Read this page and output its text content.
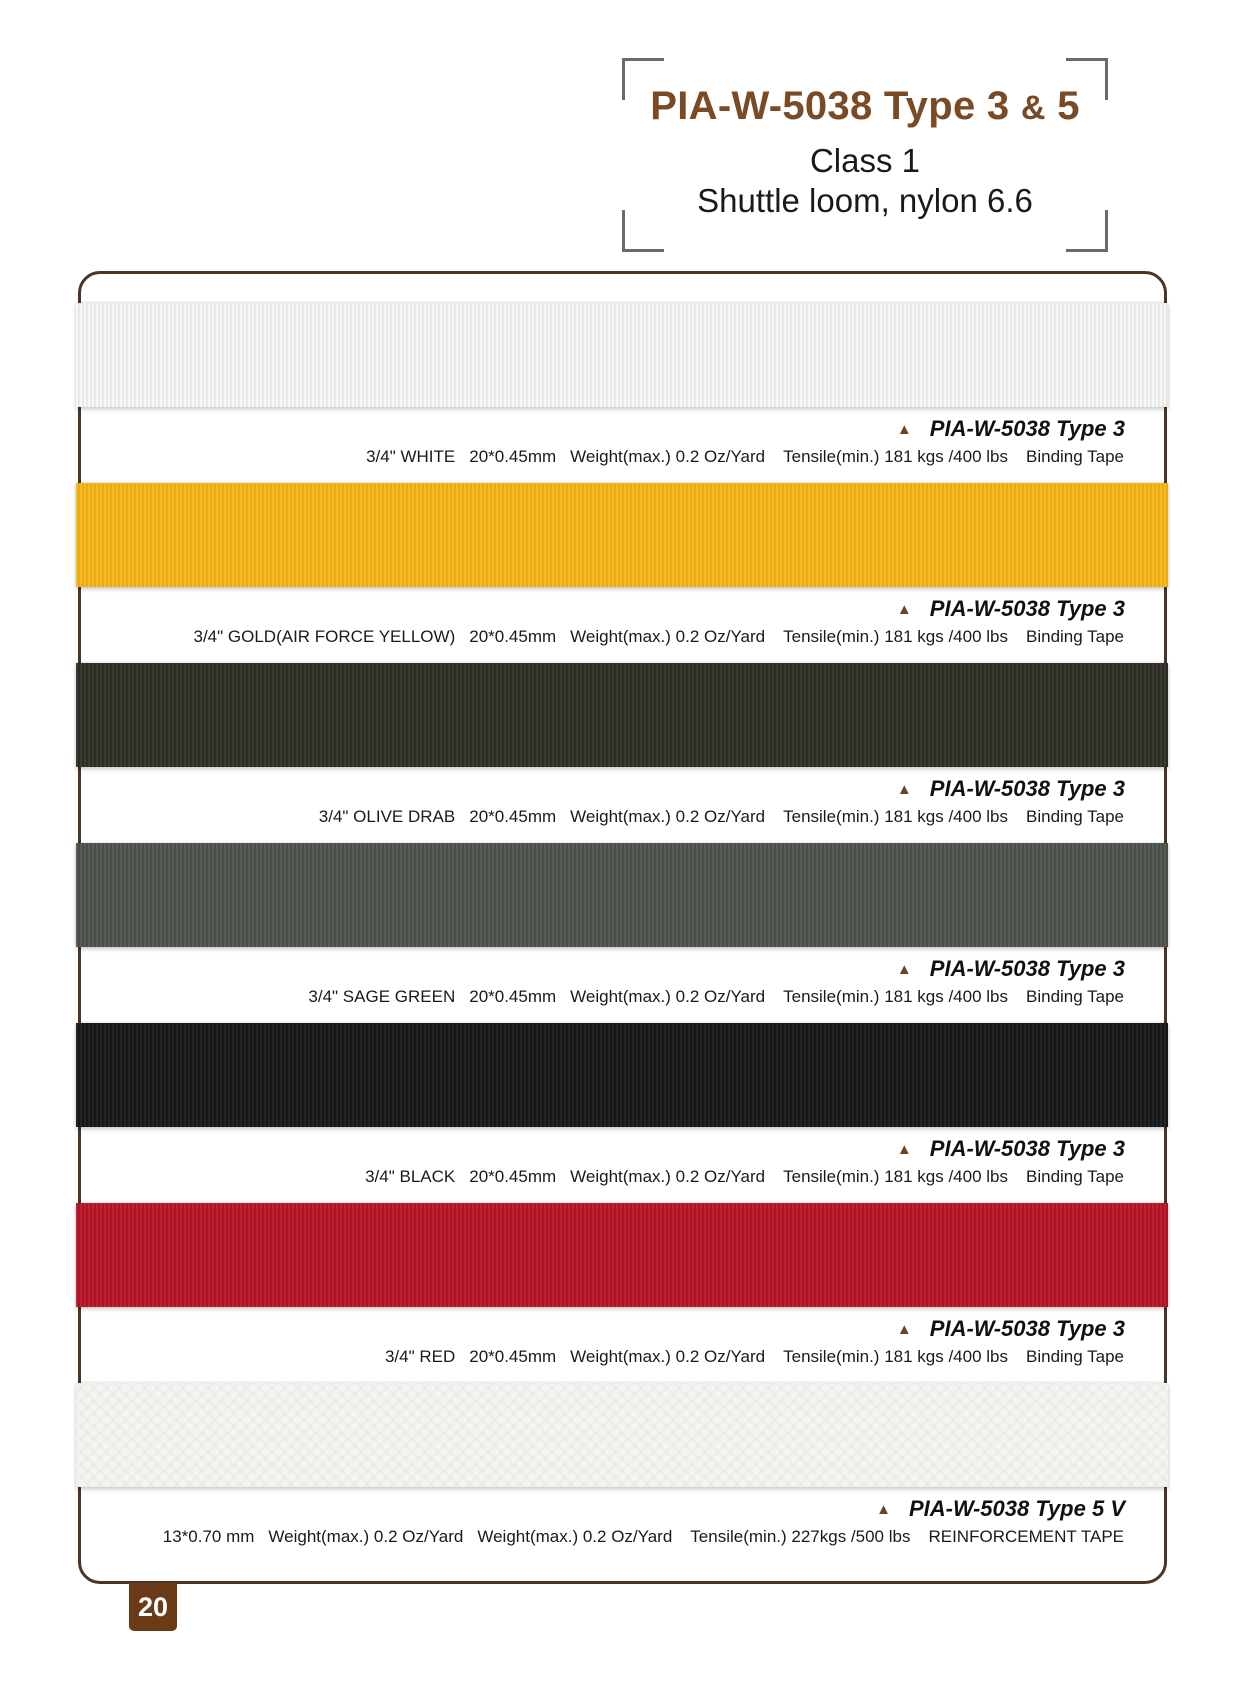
PIA-W-5038 Type 3 & 5
Class 1
Shuttle loom, nylon 6.6
▲ PIA-W-5038 Type 3
3/4" WHITE 20*0.45mm Weight(max.) 0.2 Oz/Yard Tensile(min.) 181 kgs /400 lbs Binding Tape
▲ PIA-W-5038 Type 3
3/4" GOLD(AIR FORCE YELLOW) 20*0.45mm Weight(max.) 0.2 Oz/Yard Tensile(min.) 181 kgs /400 lbs Binding Tape
▲ PIA-W-5038 Type 3
3/4" OLIVE DRAB 20*0.45mm Weight(max.) 0.2 Oz/Yard Tensile(min.) 181 kgs /400 lbs Binding Tape
▲ PIA-W-5038 Type 3
3/4" SAGE GREEN 20*0.45mm Weight(max.) 0.2 Oz/Yard Tensile(min.) 181 kgs /400 lbs Binding Tape
▲ PIA-W-5038 Type 3
3/4" BLACK 20*0.45mm Weight(max.) 0.2 Oz/Yard Tensile(min.) 181 kgs /400 lbs Binding Tape
▲ PIA-W-5038 Type 3
3/4" RED 20*0.45mm Weight(max.) 0.2 Oz/Yard Tensile(min.) 181 kgs /400 lbs Binding Tape
▲ PIA-W-5038 Type 5 V
13*0.70 mm Weight(max.) 0.2 Oz/Yard Weight(max.) 0.2 Oz/Yard Tensile(min.) 227kgs /500 lbs REINFORCEMENT TAPE
20
